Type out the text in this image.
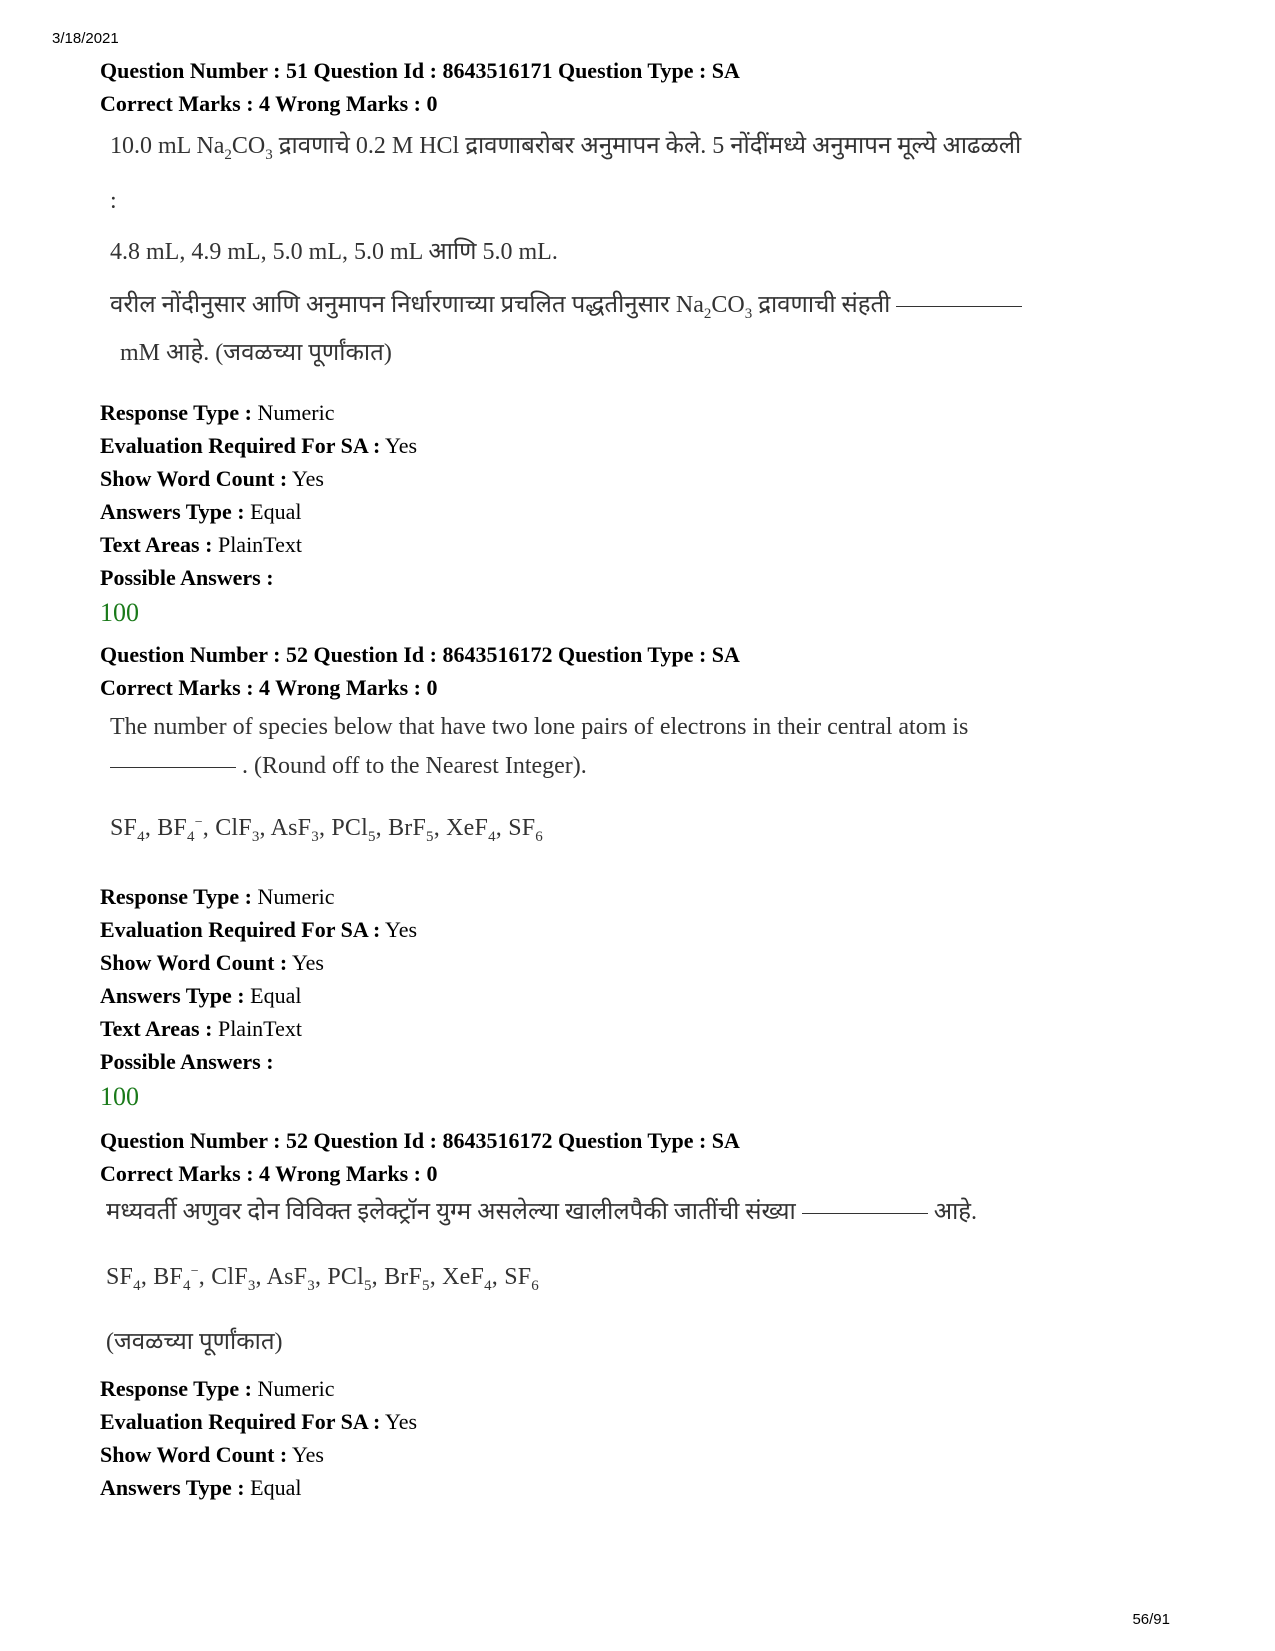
3/18/2021
Question Number : 51 Question Id : 8643516171 Question Type : SA
Correct Marks : 4 Wrong Marks : 0

10.0 mL $Na_2CO_3$ द्रावणाचे 0.2 M HCl द्रावणाबरोबर अनुमापन केले. 5 नोंदींमध्ये अनुमापन मूल्ये आढळली

:

4.8 mL, 4.9 mL, 5.0 mL, 5.0 mL आणि 5.0 mL.

वरील नोंदीनुसार आणि अनुमापन निर्धारणाच्या प्रचलित पद्धतीनुसार $Na_2CO_3$ द्रावणाची संहती

mM आहे. (जवळच्या पूर्णांकात)

Response Type : Numeric
Evaluation Required For SA : Yes
Show Word Count : Yes
Answers Type : Equal
Text Areas : PlainText
Possible Answers :
100
Question Number : 52 Question Id : 8643516172 Question Type : SA
Correct Marks : 4 Wrong Marks : 0

The number of species below that have two lone pairs of electrons in their central atom is

. (Round off to the Nearest Integer).

$SF_4$, $BF_4^-$, ClF$_3$, AsF$_3$, PCl$_5$, BrF$_5$, XeF$_4$, $SF_6$

Response Type : Numeric
Evaluation Required For SA : Yes
Show Word Count : Yes
Answers Type : Equal
Text Areas : PlainText
Possible Answers :
100
Question Number : 52 Question Id : 8643516172 Question Type : SA
Correct Marks : 4 Wrong Marks : 0

मध्यवर्ती अणुवर दोन विविक्त इलेक्ट्रॉन युग्म असलेल्या खालीलपैकी जातींची संख्या	आहे.

$SF_4$, $BF_4^-$, ClF$_3$, AsF$_3$, PCl$_5$, BrF$_5$, XeF$_4$, $SF_6$

(जवळच्या पूर्णांकात)

Response Type : Numeric
Evaluation Required For SA : Yes
Show Word Count : Yes
Answers Type : Equal
56/91
